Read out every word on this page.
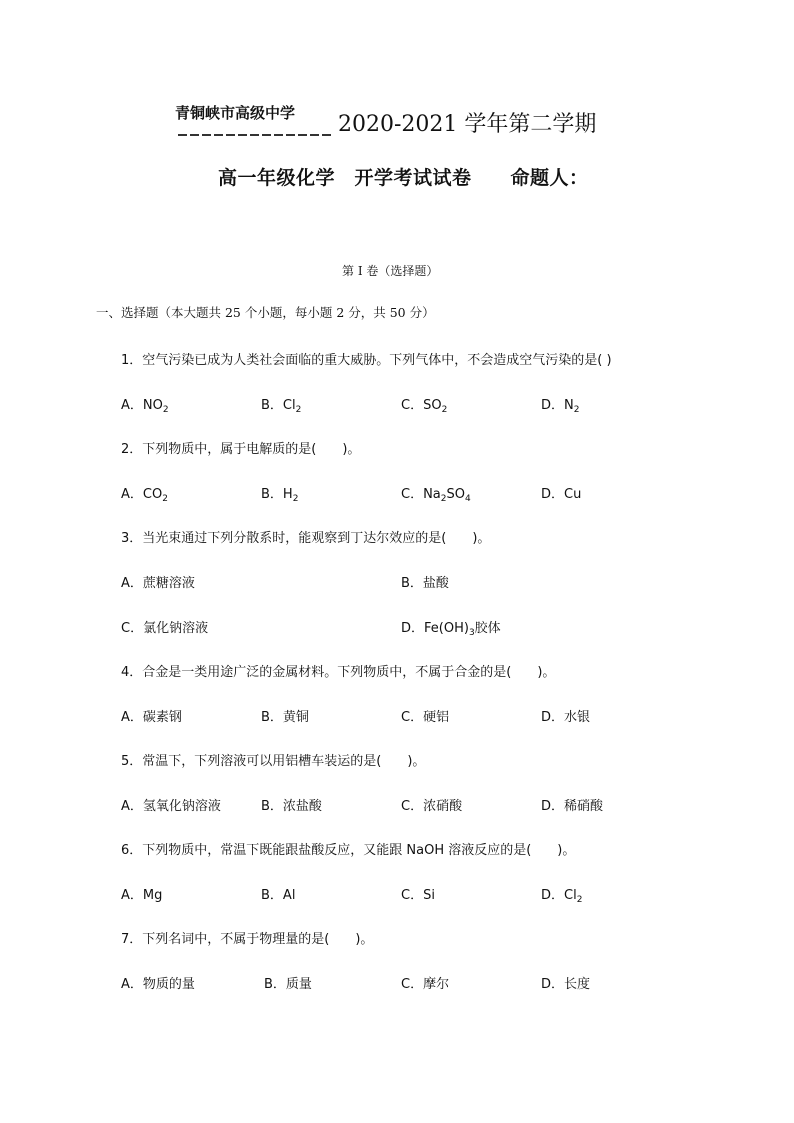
青铜峡市高级中学 2020-2021 学年第二学期
高一年级化学　开学考试试卷　　命题人：
第 I 卷（选择题）
一、选择题（本大题共 25 个小题，每小题 2 分，共 50 分）
1．空气污染已成为人类社会面临的重大威胁。下列气体中，不会造成空气污染的是( )
A．$NO_2$	B．$Cl_2$	C．$SO_2$	D．$N_2$
2．下列物质中，属于电解质的是(　　)。
A．$CO_2$	B．$H_2$	C．$Na_2SO_4$	D．Cu
3．当光束通过下列分散系时，能观察到丁达尔效应的是(　　)。
A．蔗糖溶液	B．盐酸
C．氯化钠溶液	D．$Fe(OH)_3$胶体
4．合金是一类用途广泛的金属材料。下列物质中，不属于合金的是(　　)。
A．碳素钢	B．黄铜	C．硬铝	D．水银
5．常温下，下列溶液可以用铝槽车装运的是(　　)。
A．氢氧化钠溶液	B．浓盐酸	C．浓硝酸	D．稀硝酸
6．下列物质中，常温下既能跟盐酸反应，又能跟 NaOH 溶液反应的是(　　)。
A．Mg	B．Al	C．Si	D．$Cl_2$
7．下列名词中，不属于物理量的是(　　)。
A．物质的量	B．质量	C．摩尔	D．长度
